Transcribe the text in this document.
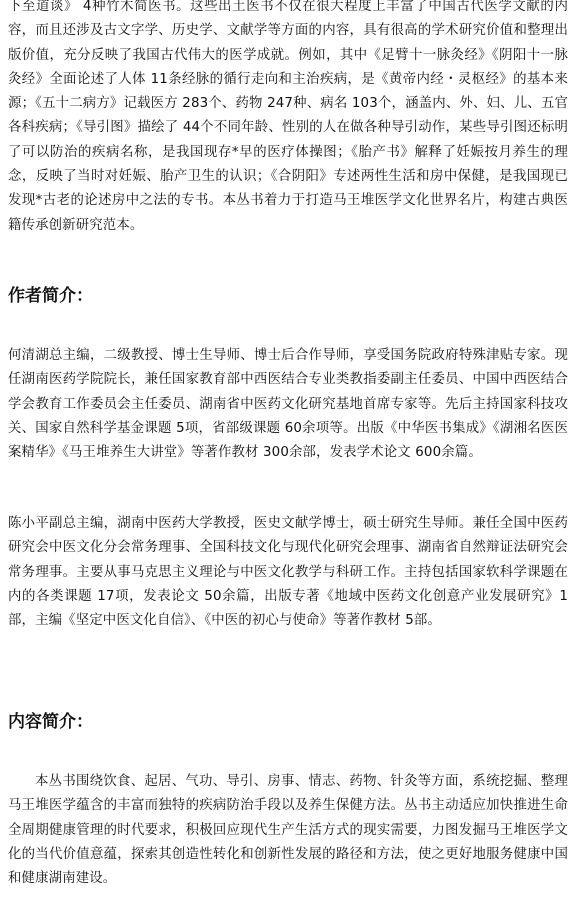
下至道谈》 4种竹木简医书。这些出土医书不仅在很大程度上丰富了中国古代医学文献的内容，而且还涉及古文字学、历史学、文献学等方面的内容，具有很高的学术研究价值和整理出版价值，充分反映了我国古代伟大的医学成就。例如，其中《足臂十一脉灸经》《阴阳十一脉灸经》全面论述了人体 11条经脉的循行走向和主治疾病，是《黄帝内经・灵枢经》的基本来源；《五十二病方》记载医方 283个、药物 247种、病名 103个，涵盖内、外、妇、儿、五官各科疾病；《导引图》描绘了 44个不同年龄、性别的人在做各种导引动作，某些导引图还标明了可以防治的疾病名称，是我国现存*早的医疗体操图；《胎产书》解释了妊娠按月养生的理念，反映了当时对妊娠、胎产卫生的认识；《合阴阳》专述两性生活和房中保健，是我国现已发现*古老的论述房中之法的专书。本丛书着力于打造马王堆医学文化世界名片，构建古典医籍传承创新研究范本。

作者简介：

何清湖总主编，二级教授、博士生导师、博士后合作导师，享受国务院政府特殊津贴专家。现任湖南医药学院院长，兼任国家教育部中西医结合专业类教指委副主任委员、中国中西医结合学会教育工作委员会主任委员、湖南省中医药文化研究基地首席专家等。先后主持国家科技攻关、国家自然科学基金课题 5项，省部级课题 60余项等。出版《中华医书集成》《湖湘名医医案精华》《马王堆养生大讲堂》等著作教材 300余部，发表学术论文 600余篇。

陈小平副总主编，湖南中医药大学教授，医史文献学博士，硕士研究生导师。兼任全国中医药研究会中医文化分会常务理事、全国科技文化与现代化研究会理事、湖南省自然辩证法研究会常务理事。主要从事马克思主义理论与中医文化教学与科研工作。主持包括国家软科学课题在内的各类课题 17项，发表论文 50余篇，出版专著《地域中医药文化创意产业发展研究》1部，主编《坚定中医文化自信》、《中医的初心与使命》等著作教材 5部。

内容简介：

本丛书围绕饮食、起居、气功、导引、房事、情志、药物、针灸等方面，系统挖掘、整理马王堆医学蕴含的丰富而独特的疾病防治手段以及养生保健方法。丛书主动适应加快推进生命全周期健康管理的时代要求，积极回应现代生产生活方式的现实需要，力图发掘马王堆医学文化的当代价值意蕴，探索其创造性转化和创新性发展的路径和方法，使之更好地服务健康中国和健康湖南建设。
